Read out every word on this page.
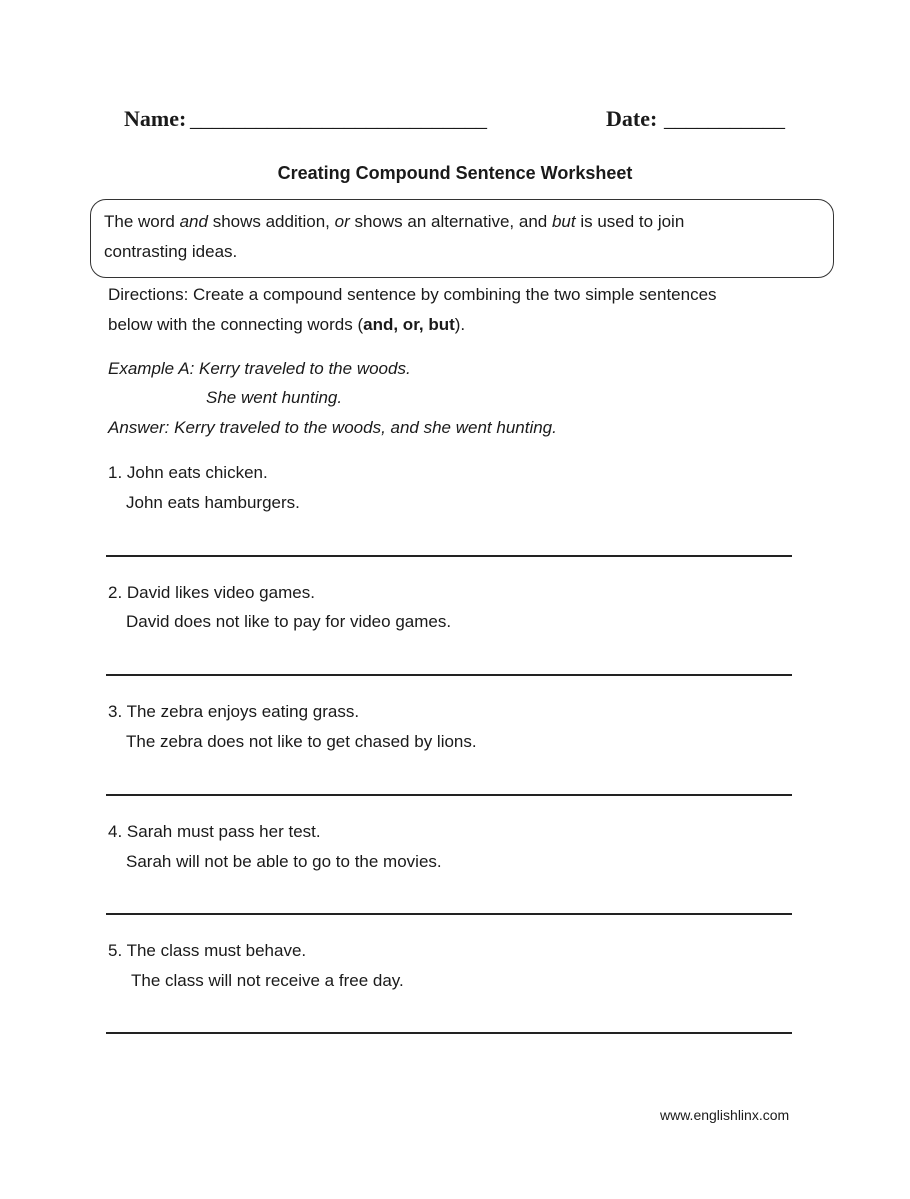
Name: ___________________________	Date: ___________
Creating Compound Sentence Worksheet
The word and shows addition, or shows an alternative, and but is used to join
contrasting ideas.
Directions: Create a compound sentence by combining the two simple sentences
below with the connecting words (and, or, but).
Example A: Kerry traveled to the woods.
She went hunting.
Answer: Kerry traveled to the woods, and she went hunting.
1. John eats chicken.
John eats hamburgers.
2. David likes video games.
David does not like to pay for video games.
3. The zebra enjoys eating grass.
The zebra does not like to get chased by lions.
4. Sarah must pass her test.
Sarah will not be able to go to the movies.
5. The class must behave.
The class will not receive a free day.
www.englishlinx.com
